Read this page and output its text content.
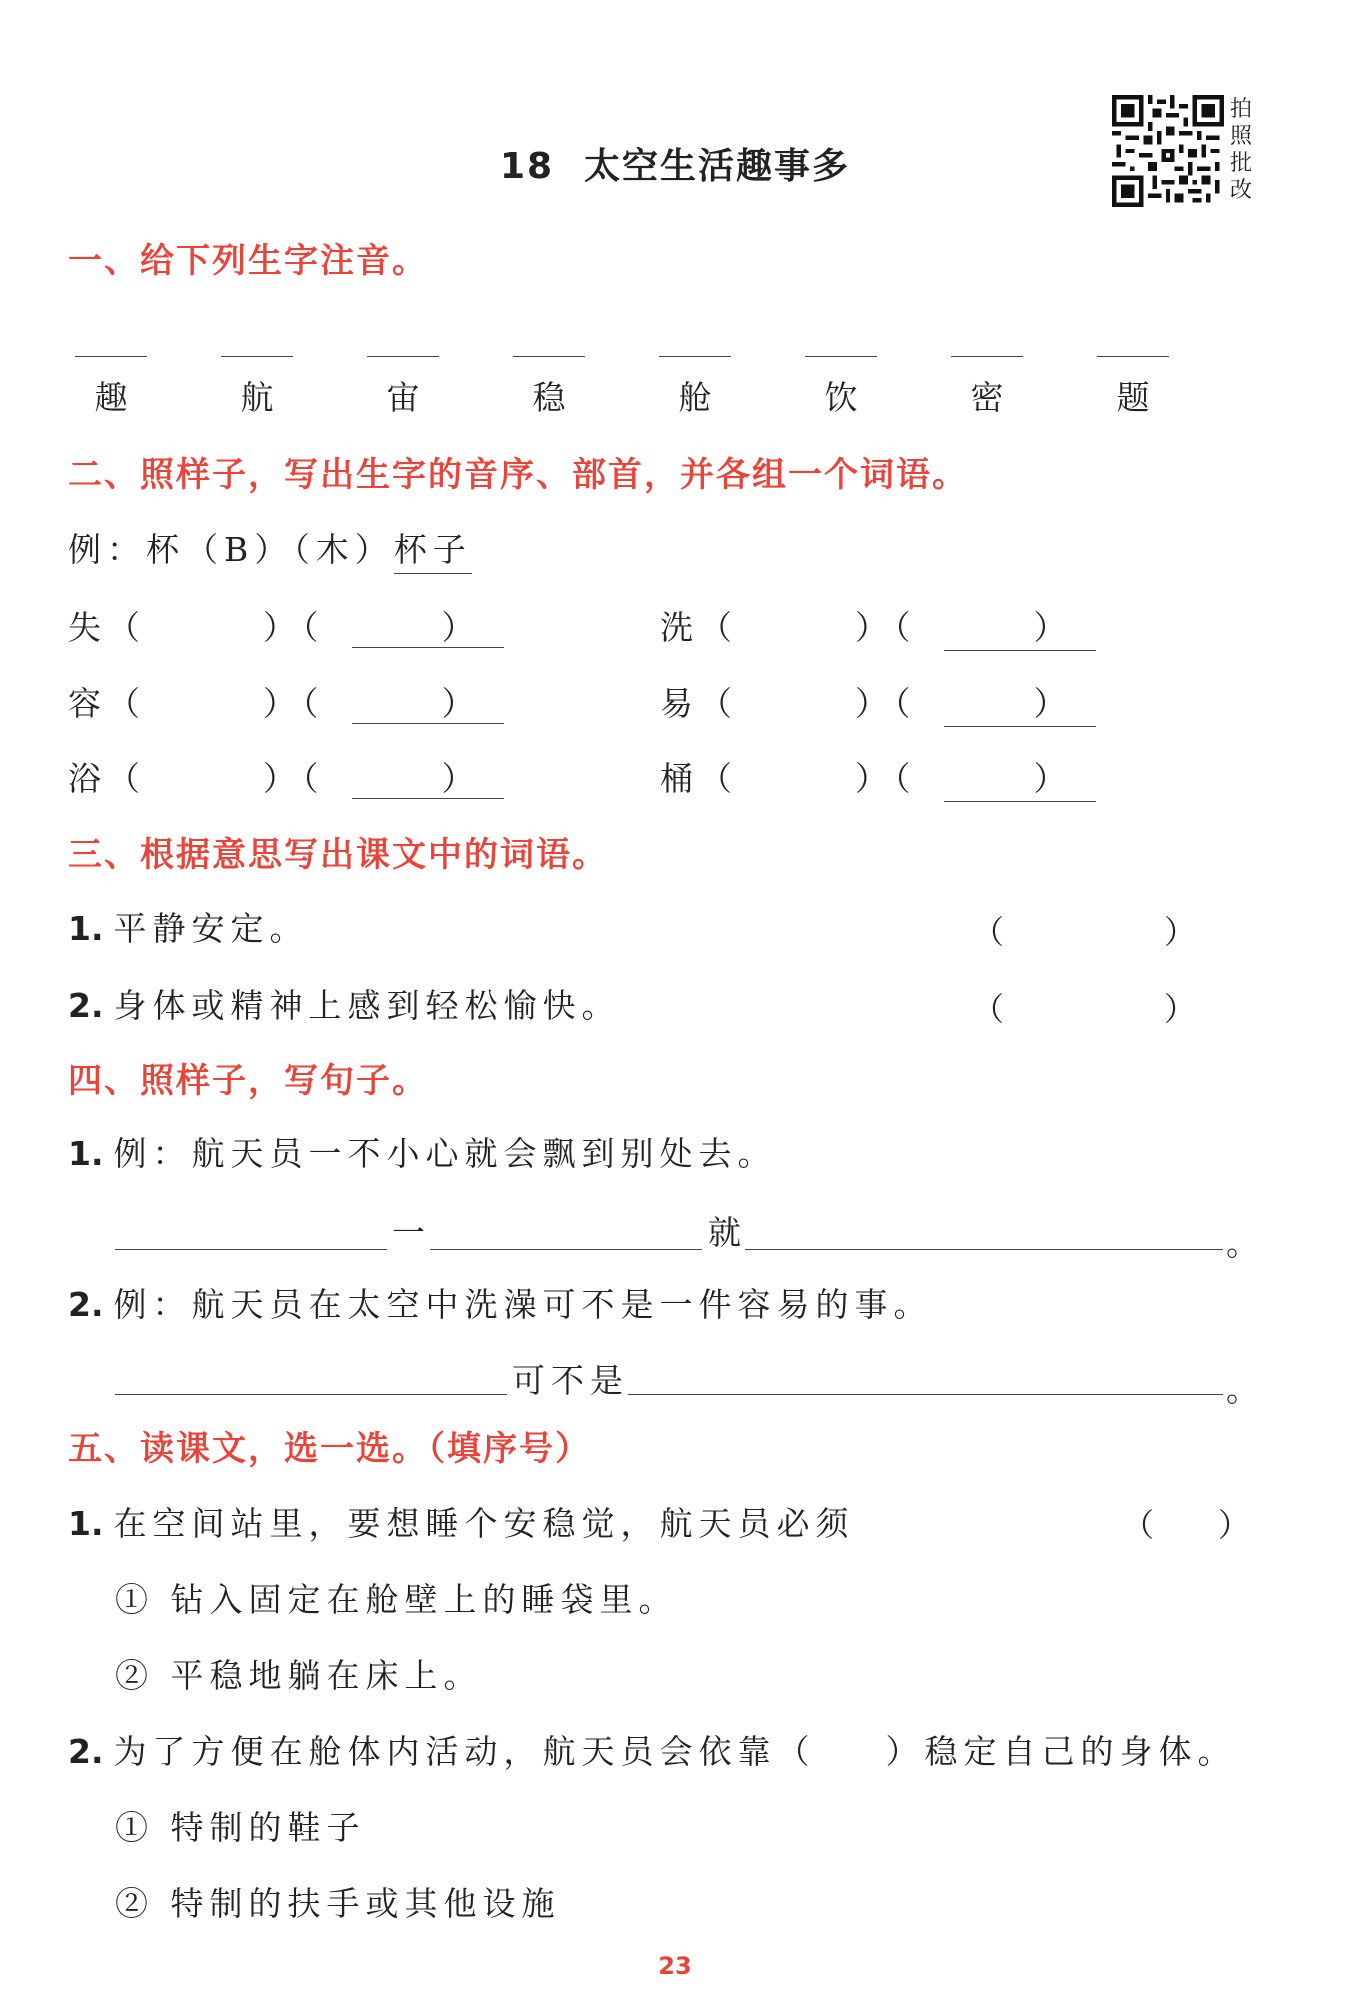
18 太空生活趣事多
拍照批改
一、给下列生字注音。
趣	航	宙	稳	舱	饮	密	题
二、照样子，写出生字的音序、部首，并各组一个词语。
例：杯（B）（木）杯子
失（　　　）（　　　）	洗（　　　）（　　　）
容（　　　）（　　　）	易（　　　）（　　　）
浴（　　　）（　　　）	桶（　　　）（　　　）
三、根据意思写出课文中的词语。
1. 平静安定。	（　　　　　）
2. 身体或精神上感到轻松愉快。	（　　　　　）
四、照样子，写句子。
1. 例：航天员一不小心就会飘到别处去。
一	就	。
2. 例：航天员在太空中洗澡可不是一件容易的事。
可不是	。
五、读课文，选一选。（填序号）
1. 在空间站里，要想睡个安稳觉，航天员必须	（　　）
① 钻入固定在舱壁上的睡袋里。
② 平稳地躺在床上。
2. 为了方便在舱体内活动，航天员会依靠（ ）稳定自己的身体。
① 特制的鞋子
② 特制的扶手或其他设施
23
